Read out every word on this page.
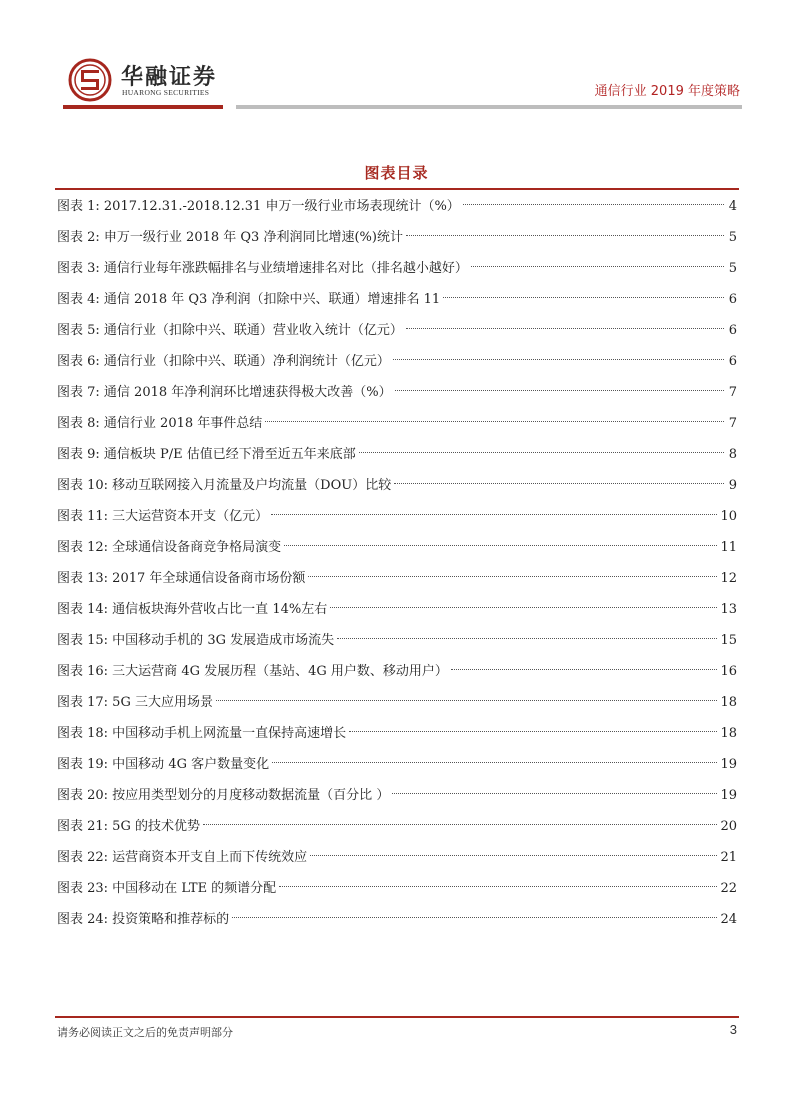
华融证券
HUARONG SECURITIES	通信行业 2019 年度策略
图表目录
图表 1: 2017.12.31.-2018.12.31 申万一级行业市场表现统计（%）	4
图表 2: 申万一级行业 2018 年 Q3 净利润同比增速(%)统计	5
图表 3: 通信行业每年涨跌幅排名与业绩增速排名对比（排名越小越好）	5
图表 4: 通信 2018 年 Q3 净利润（扣除中兴、联通）增速排名 11	6
图表 5: 通信行业（扣除中兴、联通）营业收入统计（亿元）	6
图表 6: 通信行业（扣除中兴、联通）净利润统计（亿元）	6
图表 7: 通信 2018 年净利润环比增速获得极大改善（%）	7
图表 8: 通信行业 2018 年事件总结	7
图表 9: 通信板块 P/E 估值已经下滑至近五年来底部	8
图表 10: 移动互联网接入月流量及户均流量（DOU）比较	9
图表 11: 三大运营资本开支（亿元）	10
图表 12: 全球通信设备商竞争格局演变	11
图表 13: 2017 年全球通信设备商市场份额	12
图表 14: 通信板块海外营收占比一直 14%左右	13
图表 15: 中国移动手机的 3G 发展造成市场流失	15
图表 16: 三大运营商 4G 发展历程（基站、4G 用户数、移动用户）	16
图表 17: 5G 三大应用场景	18
图表 18: 中国移动手机上网流量一直保持高速增长	18
图表 19: 中国移动 4G 客户数量变化	19
图表 20: 按应用类型划分的月度移动数据流量（百分比 ）	19
图表 21: 5G 的技术优势	20
图表 22: 运营商资本开支自上而下传统效应	21
图表 23: 中国移动在 LTE 的频谱分配	22
图表 24: 投资策略和推荐标的	24
请务必阅读正文之后的免责声明部分	3
